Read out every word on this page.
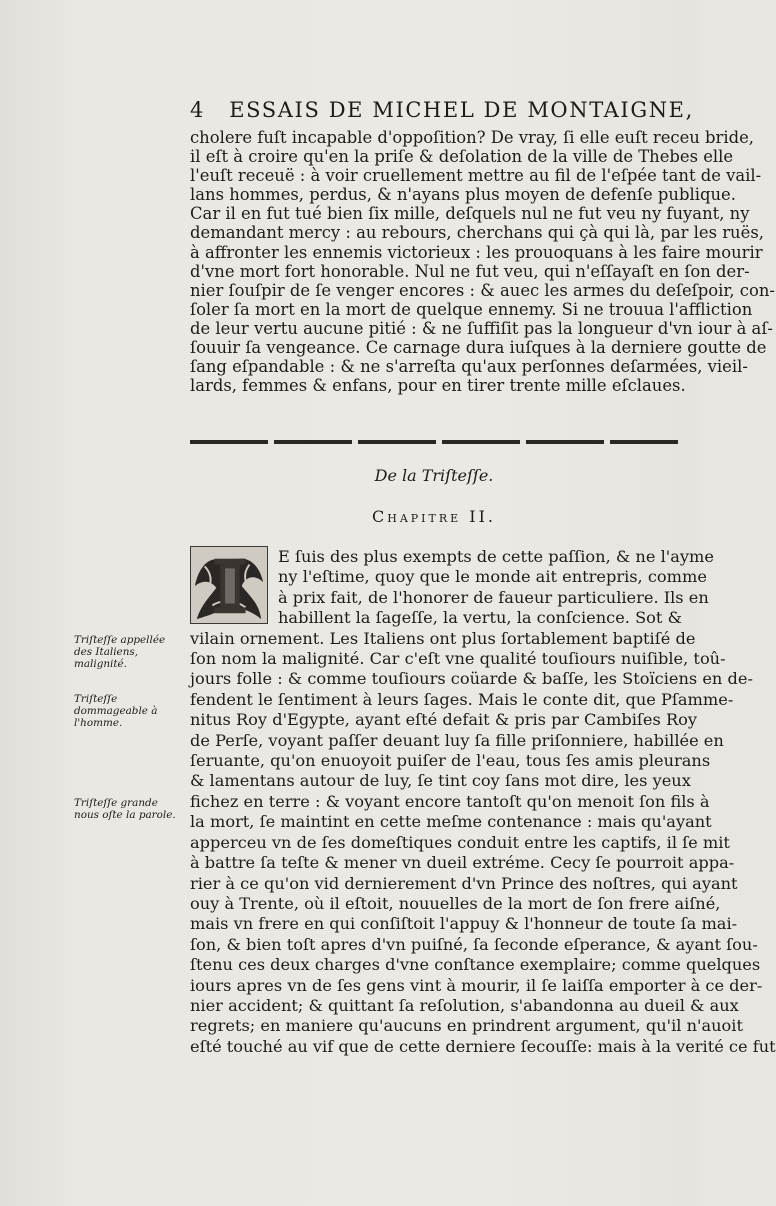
4 ESSAIS DE MICHEL DE MONTAIGNE,
cholere fuſt incapable d'oppoſition? De vray, ſi elle euſt receu bride,
il eſt à croire qu'en la priſe & deſolation de la ville de Thebes elle
l'euſt receuë : à voir cruellement mettre au fil de l'eſpée tant de vail-
lans hommes, perdus, & n'ayans plus moyen de defenſe publique.
Car il en fut tué bien ſix mille, deſquels nul ne fut veu ny fuyant, ny
demandant mercy : au rebours, cherchans qui çà qui là, par les ruës,
à affronter les ennemis victorieux : les prouoquans à les faire mourir
d'vne mort fort honorable. Nul ne fut veu, qui n'eſſayaſt en ſon der-
nier ſouſpir de ſe venger encores : & auec les armes du deſeſpoir, con-
ſoler ſa mort en la mort de quelque ennemy. Si ne trouua l'affliction
de leur vertu aucune pitié : & ne ſuffiſit pas la longueur d'vn iour à aſ-
ſouuir ſa vengeance. Ce carnage dura iuſques à la derniere goutte de
ſang eſpandable : & ne s'arreſta qu'aux perſonnes deſarmées, vieil-
lards, femmes & enfans, pour en tirer trente mille eſclaues.
De la Triſteſſe.
Chapitre II.
E ſuis des plus exempts de cette paſſion, & ne l'ayme
ny l'eſtime, quoy que le monde ait entrepris, comme
à prix fait, de l'honorer de faueur particuliere. Ils en
habillent la ſageſſe, la vertu, la conſcience. Sot &
vilain ornement. Les Italiens ont plus ſortablement baptiſé de
ſon nom la malignité. Car c'eſt vne qualité touſiours nuiſible, toû-
jours folle : & comme touſiours coüarde & baſſe, les Stoïciens en de-
fendent le ſentiment à leurs ſages. Mais le conte dit, que Pſamme-
nitus Roy d'Egypte, ayant eſté defait & pris par Cambiſes Roy
de Perſe, voyant paſſer deuant luy ſa fille priſonniere, habillée en
ſeruante, qu'on enuoyoit puiſer de l'eau, tous ſes amis pleurans
& lamentans autour de luy, ſe tint coy ſans mot dire, les yeux
fichez en terre : & voyant encore tantoſt qu'on menoit ſon fils à
la mort, ſe maintint en cette meſme contenance : mais qu'ayant
apperceu vn de ſes domeſtiques conduit entre les captifs, il ſe mit
à battre ſa teſte & mener vn dueil extréme. Cecy ſe pourroit appa-
rier à ce qu'on vid dernierement d'vn Prince des noſtres, qui ayant
ouy à Trente, où il eſtoit, nouuelles de la mort de ſon frere aiſné,
mais vn frere en qui conſiſtoit l'appuy & l'honneur de toute ſa mai-
ſon, & bien toſt apres d'vn puiſné, ſa ſeconde eſperance, & ayant ſou-
ſtenu ces deux charges d'vne conſtance exemplaire; comme quelques
iours apres vn de ſes gens vint à mourir, il ſe laiſſa emporter à ce der-
nier accident; & quittant ſa reſolution, s'abandonna au dueil & aux
regrets; en maniere qu'aucuns en prindrent argument, qu'il n'auoit
eſté touché au vif que de cette derniere ſecouſſe: mais à la verité ce fut
Triſteſſe appellée des Italiens, malignité.
Triſteſſe dommageable à l'homme.
Triſteſſe grande nous oſte la parole.
